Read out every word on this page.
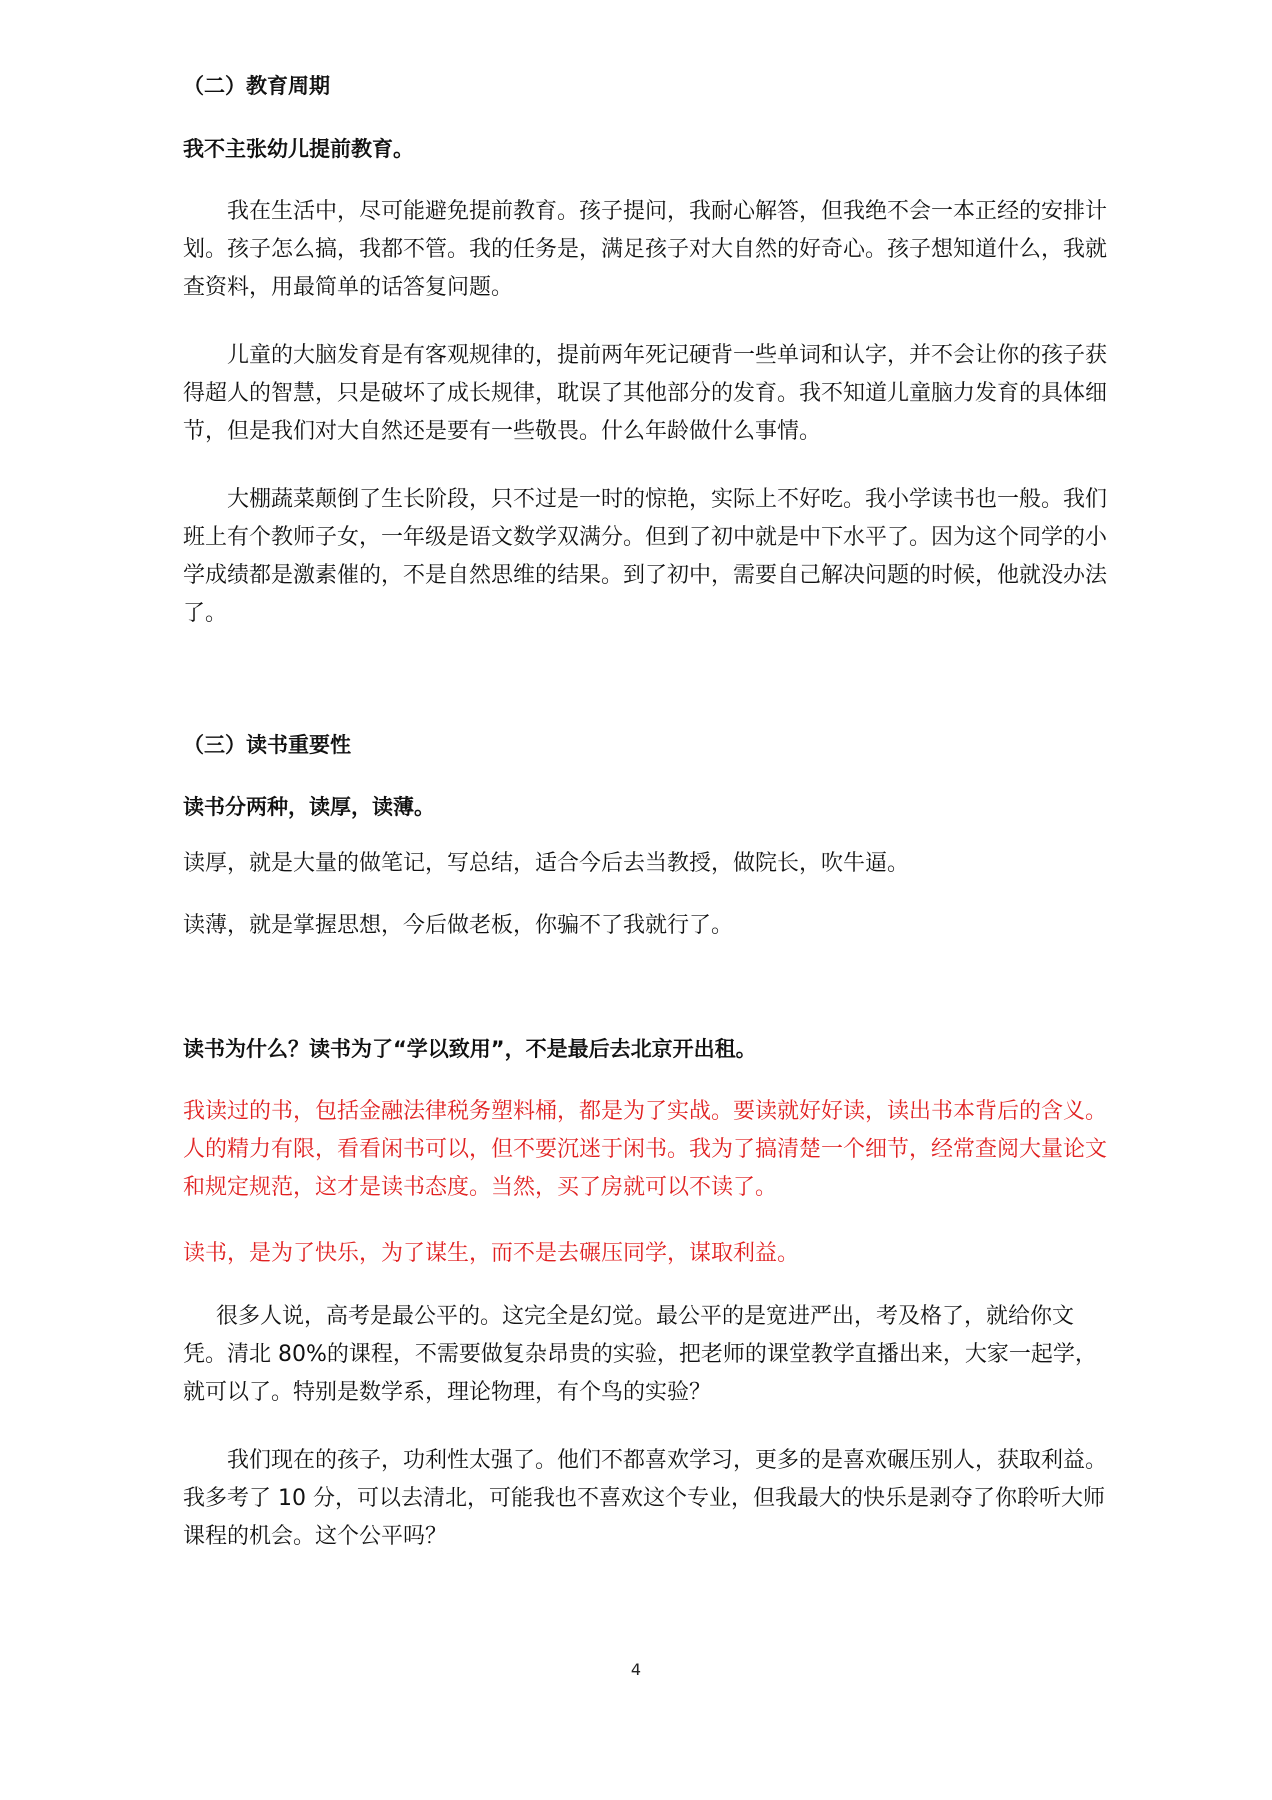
（二）教育周期

我不主张幼儿提前教育。

我在生活中，尽可能避免提前教育。孩子提问，我耐心解答，但我绝不会一本正经的安排计划。孩子怎么搞，我都不管。我的任务是，满足孩子对大自然的好奇心。孩子想知道什么，我就查资料，用最简单的话答复问题。

儿童的大脑发育是有客观规律的，提前两年死记硬背一些单词和认字，并不会让你的孩子获得超人的智慧，只是破坏了成长规律，耽误了其他部分的发育。我不知道儿童脑力发育的具体细节，但是我们对大自然还是要有一些敬畏。什么年龄做什么事情。

大棚蔬菜颠倒了生长阶段，只不过是一时的惊艳，实际上不好吃。我小学读书也一般。我们班上有个教师子女，一年级是语文数学双满分。但到了初中就是中下水平了。因为这个同学的小学成绩都是激素催的，不是自然思维的结果。到了初中，需要自己解决问题的时候，他就没办法了。

（三）读书重要性

读书分两种，读厚，读薄。

读厚，就是大量的做笔记，写总结，适合今后去当教授，做院长，吹牛逼。

读薄，就是掌握思想，今后做老板，你骗不了我就行了。

读书为什么？读书为了“学以致用”，不是最后去北京开出租。

我读过的书，包括金融法律税务塑料桶，都是为了实战。要读就好好读，读出书本背后的含义。人的精力有限，看看闲书可以，但不要沉迷于闲书。我为了搞清楚一个细节，经常查阅大量论文和规定规范，这才是读书态度。当然，买了房就可以不读了。

读书，是为了快乐，为了谋生，而不是去碾压同学，谋取利益。

很多人说，高考是最公平的。这完全是幻觉。最公平的是宽进严出，考及格了，就给你文凭。清北 80%的课程，不需要做复杂昂贵的实验，把老师的课堂教学直播出来，大家一起学，就可以了。特别是数学系，理论物理，有个鸟的实验？

我们现在的孩子，功利性太强了。他们不都喜欢学习，更多的是喜欢碾压别人，获取利益。我多考了 10 分，可以去清北，可能我也不喜欢这个专业，但我最大的快乐是剥夺了你聆听大师课程的机会。这个公平吗？

4
